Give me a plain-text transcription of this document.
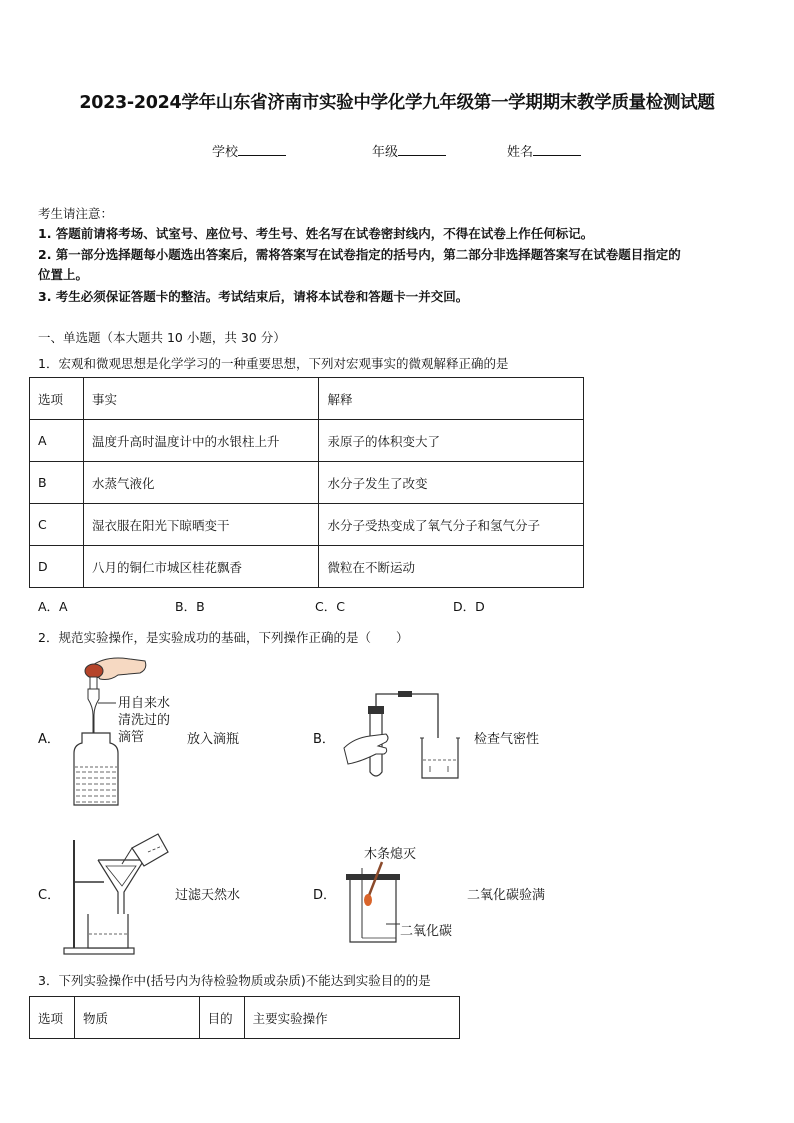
2023-2024学年山东省济南市实验中学化学九年级第一学期期末教学质量检测试题
学校	年级	姓名
考生请注意：
1. 答题前请将考场、试室号、座位号、考生号、姓名写在试卷密封线内，不得在试卷上作任何标记。
2. 第一部分选择题每小题选出答案后，需将答案写在试卷指定的括号内，第二部分非选择题答案写在试卷题目指定的
位置上。
3. 考生必须保证答题卡的整洁。考试结束后，请将本试卷和答题卡一并交回。
一、单选题（本大题共 10 小题，共 30 分）
1．宏观和微观思想是化学学习的一种重要思想，下列对宏观事实的微观解释正确的是
选项	事实	解释
A	温度升高时温度计中的水银柱上升	汞原子的体积变大了
B	水蒸气液化	水分子发生了改变
C	湿衣服在阳光下晾晒变干	水分子受热变成了氧气分子和氢气分子
D	八月的铜仁市城区桂花飘香	微粒在不断运动
A．A	B．B	C．C	D．D
2．规范实验操作，是实验成功的基础，下列操作正确的是（　　）
A．
用自来水
清洗过的
滴管	放入滴瓶	B．	检查气密性
C．	过滤天然水	D．
木条熄灭
二氧化碳
二氧化碳验满
3．下列实验操作中(括号内为待检验物质或杂质)不能达到实验目的的是
选项	物质	目的	主要实验操作
